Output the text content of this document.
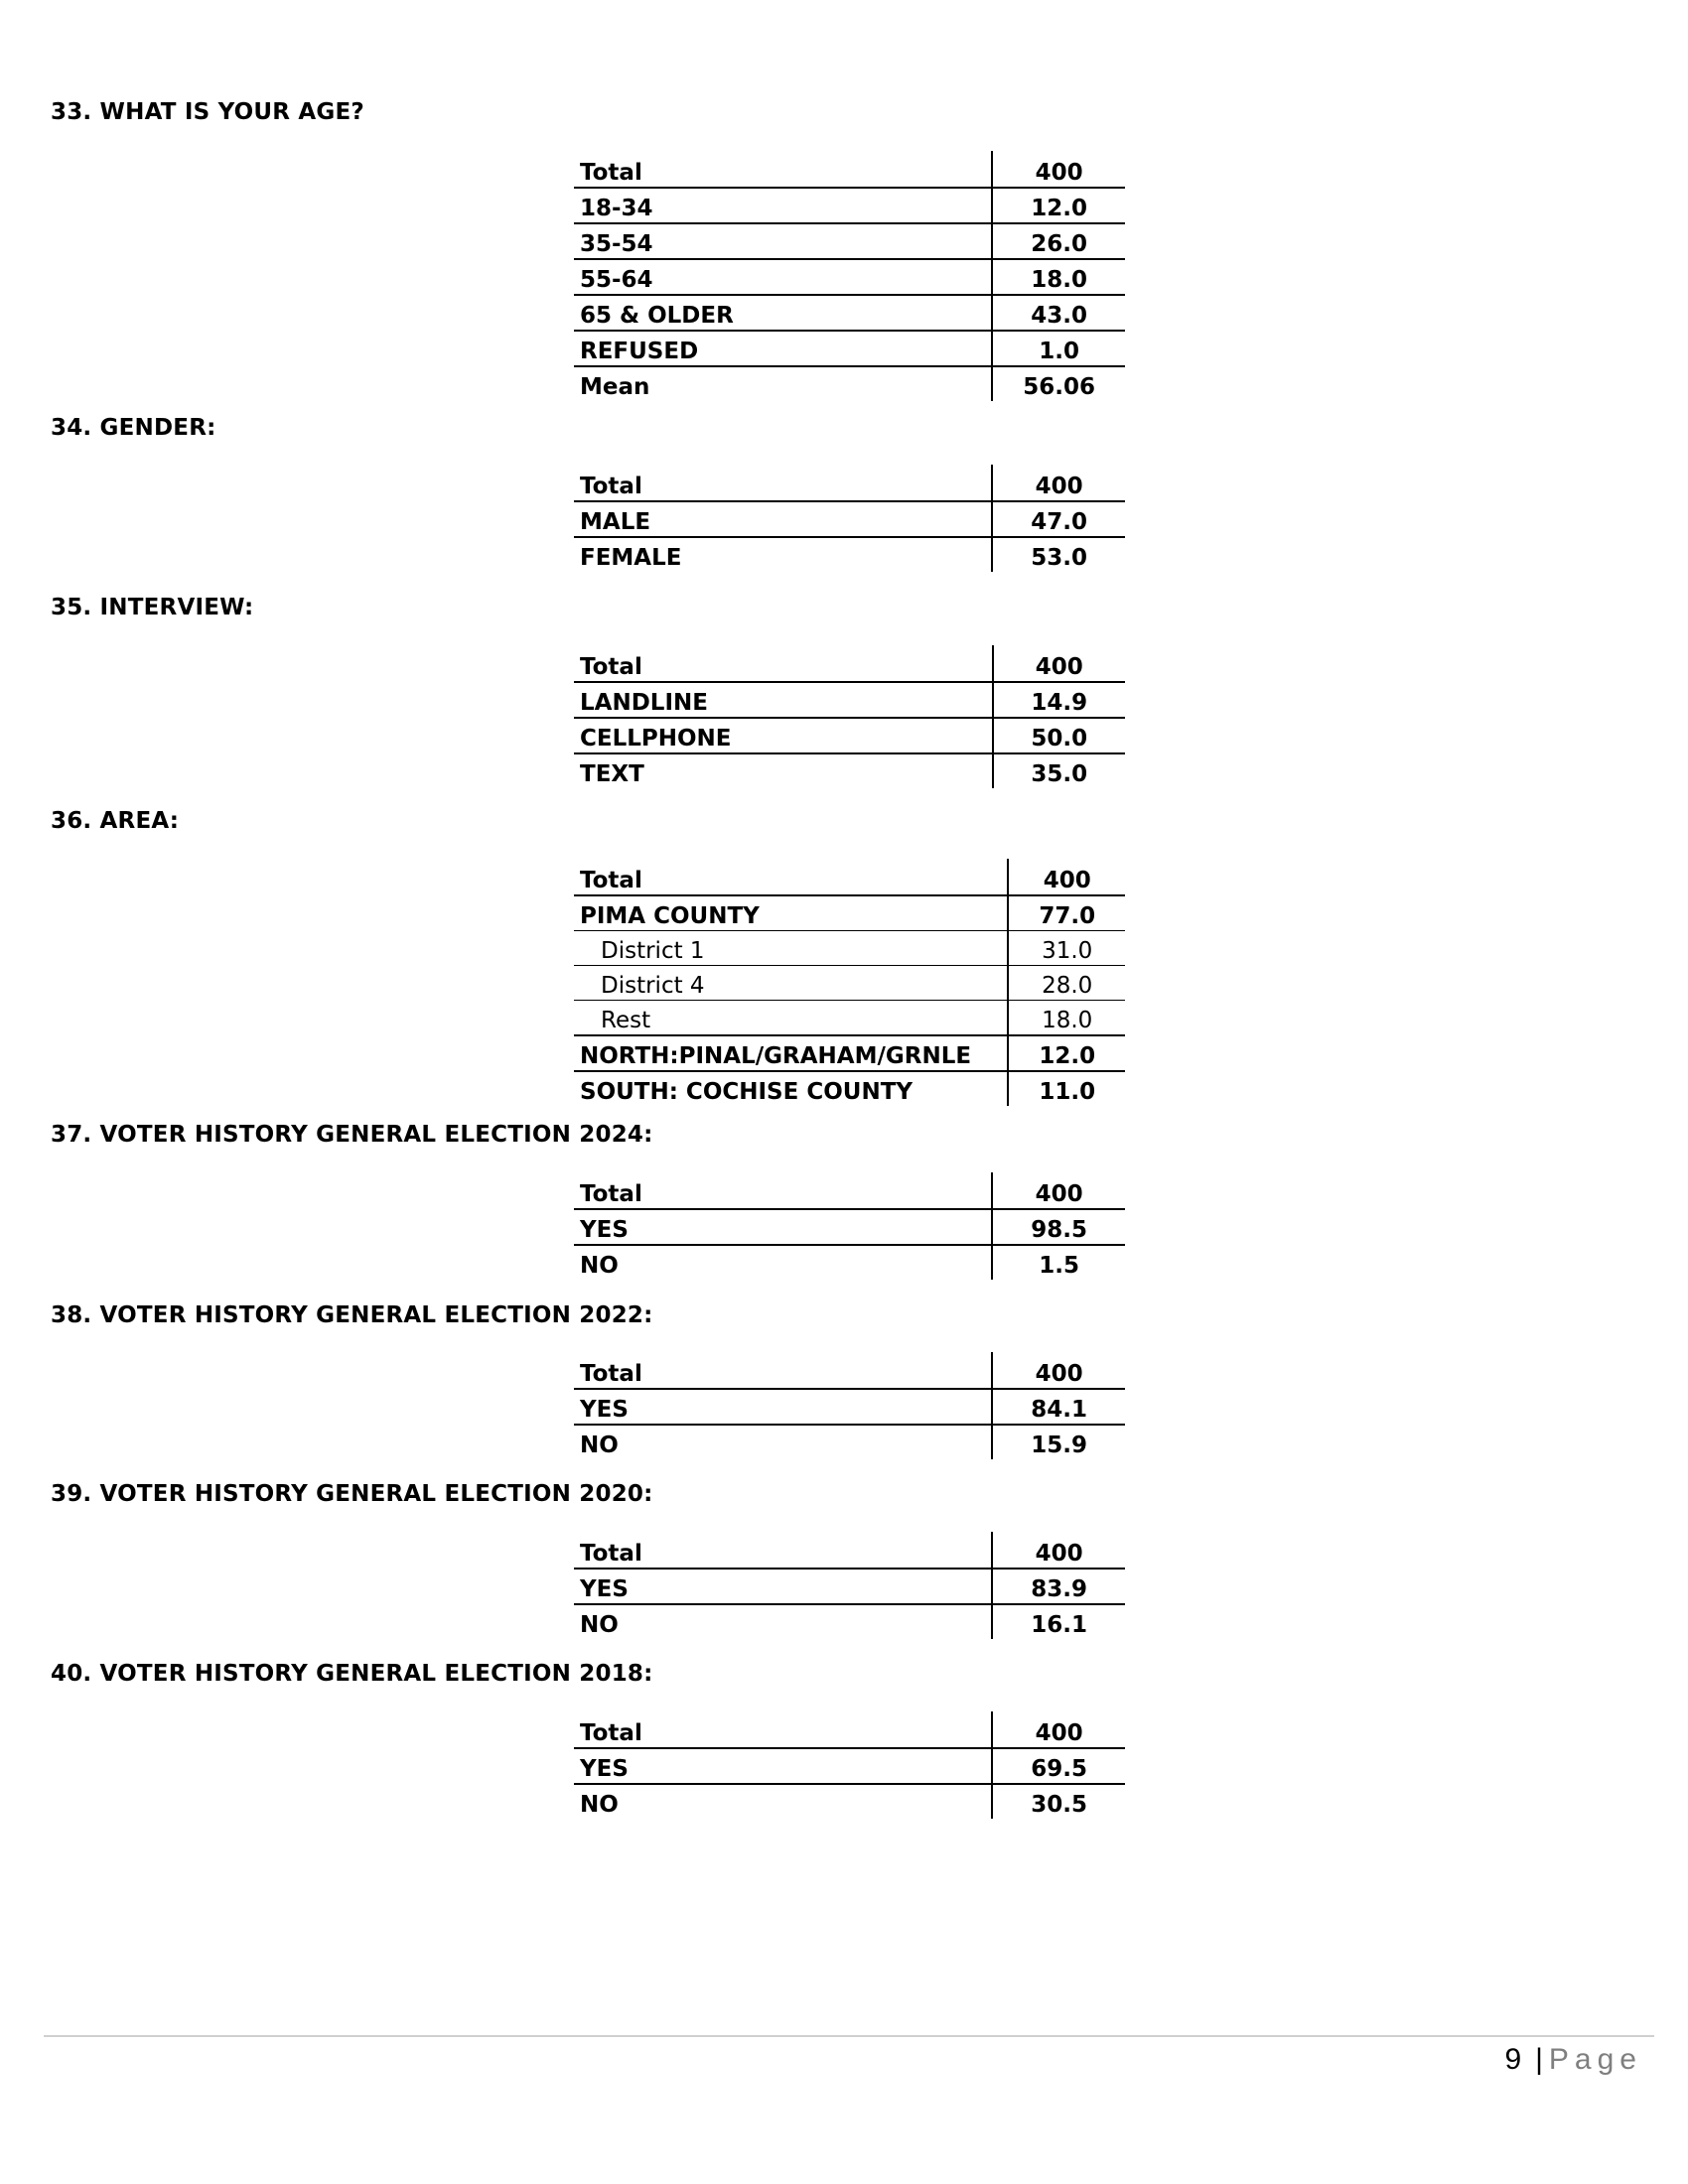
33. WHAT IS YOUR AGE?
Total	400
18-34	12.0
35-54	26.0
55-64	18.0
65 & OLDER	43.0
REFUSED	1.0
Mean	56.06
34. GENDER:
Total	400
MALE	47.0
FEMALE	53.0
35. INTERVIEW:
Total	400
LANDLINE	14.9
CELLPHONE	50.0
TEXT	35.0
36. AREA:
Total	400
PIMA COUNTY	77.0
District 1	31.0
District 4	28.0
Rest	18.0
NORTH:PINAL/GRAHAM/GRNLE	12.0
SOUTH: COCHISE COUNTY	11.0
37. VOTER HISTORY GENERAL ELECTION 2024:
Total	400
YES	98.5
NO	1.5
38. VOTER HISTORY GENERAL ELECTION 2022:
Total	400
YES	84.1
NO	15.9
39. VOTER HISTORY GENERAL ELECTION 2020:
Total	400
YES	83.9
NO	16.1
40. VOTER HISTORY GENERAL ELECTION 2018:
Total	400
YES	69.5
NO	30.5
9 | Page
